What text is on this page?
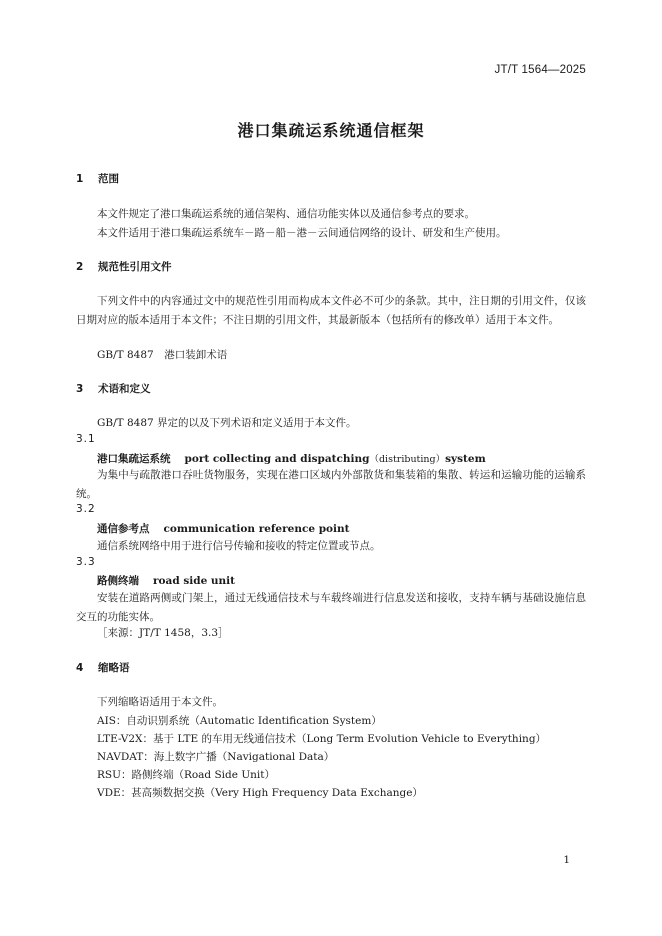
JT/T 1564—2025
港口集疏运系统通信框架
1 范围
本文件规定了港口集疏运系统的通信架构、通信功能实体以及通信参考点的要求。
本文件适用于港口集疏运系统车－路－船－港－云间通信网络的设计、研发和生产使用。
2 规范性引用文件
下列文件中的内容通过文中的规范性引用而构成本文件必不可少的条款。其中，注日期的引用文件，仅该日期对应的版本适用于本文件；不注日期的引用文件，其最新版本（包括所有的修改单）适用于本文件。
GB/T 8487　港口装卸术语
3 术语和定义
GB/T 8487 界定的以及下列术语和定义适用于本文件。
3.1
港口集疏运系统 port collecting and dispatching（distributing）system
为集中与疏散港口吞吐货物服务，实现在港口区域内外部散货和集装箱的集散、转运和运输功能的运输系统。
3.2
通信参考点 communication reference point
通信系统网络中用于进行信号传输和接收的特定位置或节点。
3.3
路侧终端 road side unit
安装在道路两侧或门架上，通过无线通信技术与车载终端进行信息发送和接收，支持车辆与基础设施信息交互的功能实体。
［来源：JT/T 1458，3.3］
4 缩略语
下列缩略语适用于本文件。
AIS：自动识别系统（Automatic Identification System）
LTE-V2X：基于 LTE 的车用无线通信技术（Long Term Evolution Vehicle to Everything）
NAVDAT：海上数字广播（Navigational Data）
RSU：路侧终端（Road Side Unit）
VDE：甚高频数据交换（Very High Frequency Data Exchange）
1
